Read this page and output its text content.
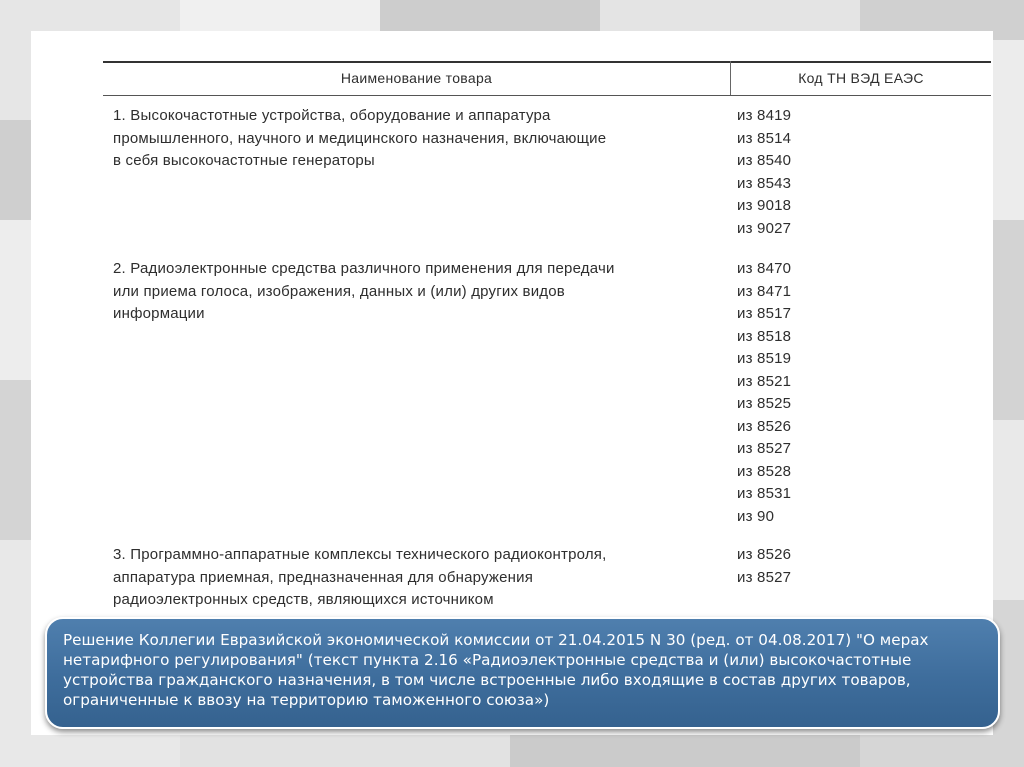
Наименование товара	Код ТН ВЭД ЕАЭС
1. Высокочастотные устройства, оборудование и аппаратура
промышленного, научного и медицинского назначения, включающие
в себя высокочастотные генераторы
из 8419
из 8514
из 8540
из 8543
из 9018
из 9027
2. Радиоэлектронные средства различного применения для передачи
или приема голоса, изображения, данных и (или) других видов
информации
из 8470
из 8471
из 8517
из 8518
из 8519
из 8521
из 8525
из 8526
из 8527
из 8528
из 8531
из 90
3. Программно-аппаратные комплексы технического радиоконтроля,
аппаратура приемная, предназначенная для обнаружения
радиоэлектронных средств, являющихся источником
из 8526
из 8527
Решение Коллегии Евразийской экономической комиссии от 21.04.2015 N 30 (ред. от 04.08.2017) "О мерах
нетарифного регулирования" (текст пункта 2.16 «Радиоэлектронные средства и (или) высокочастотные
устройства гражданского назначения, в том числе встроенные либо входящие в состав других товаров,
ограниченные к ввозу на территорию таможенного союза»)
